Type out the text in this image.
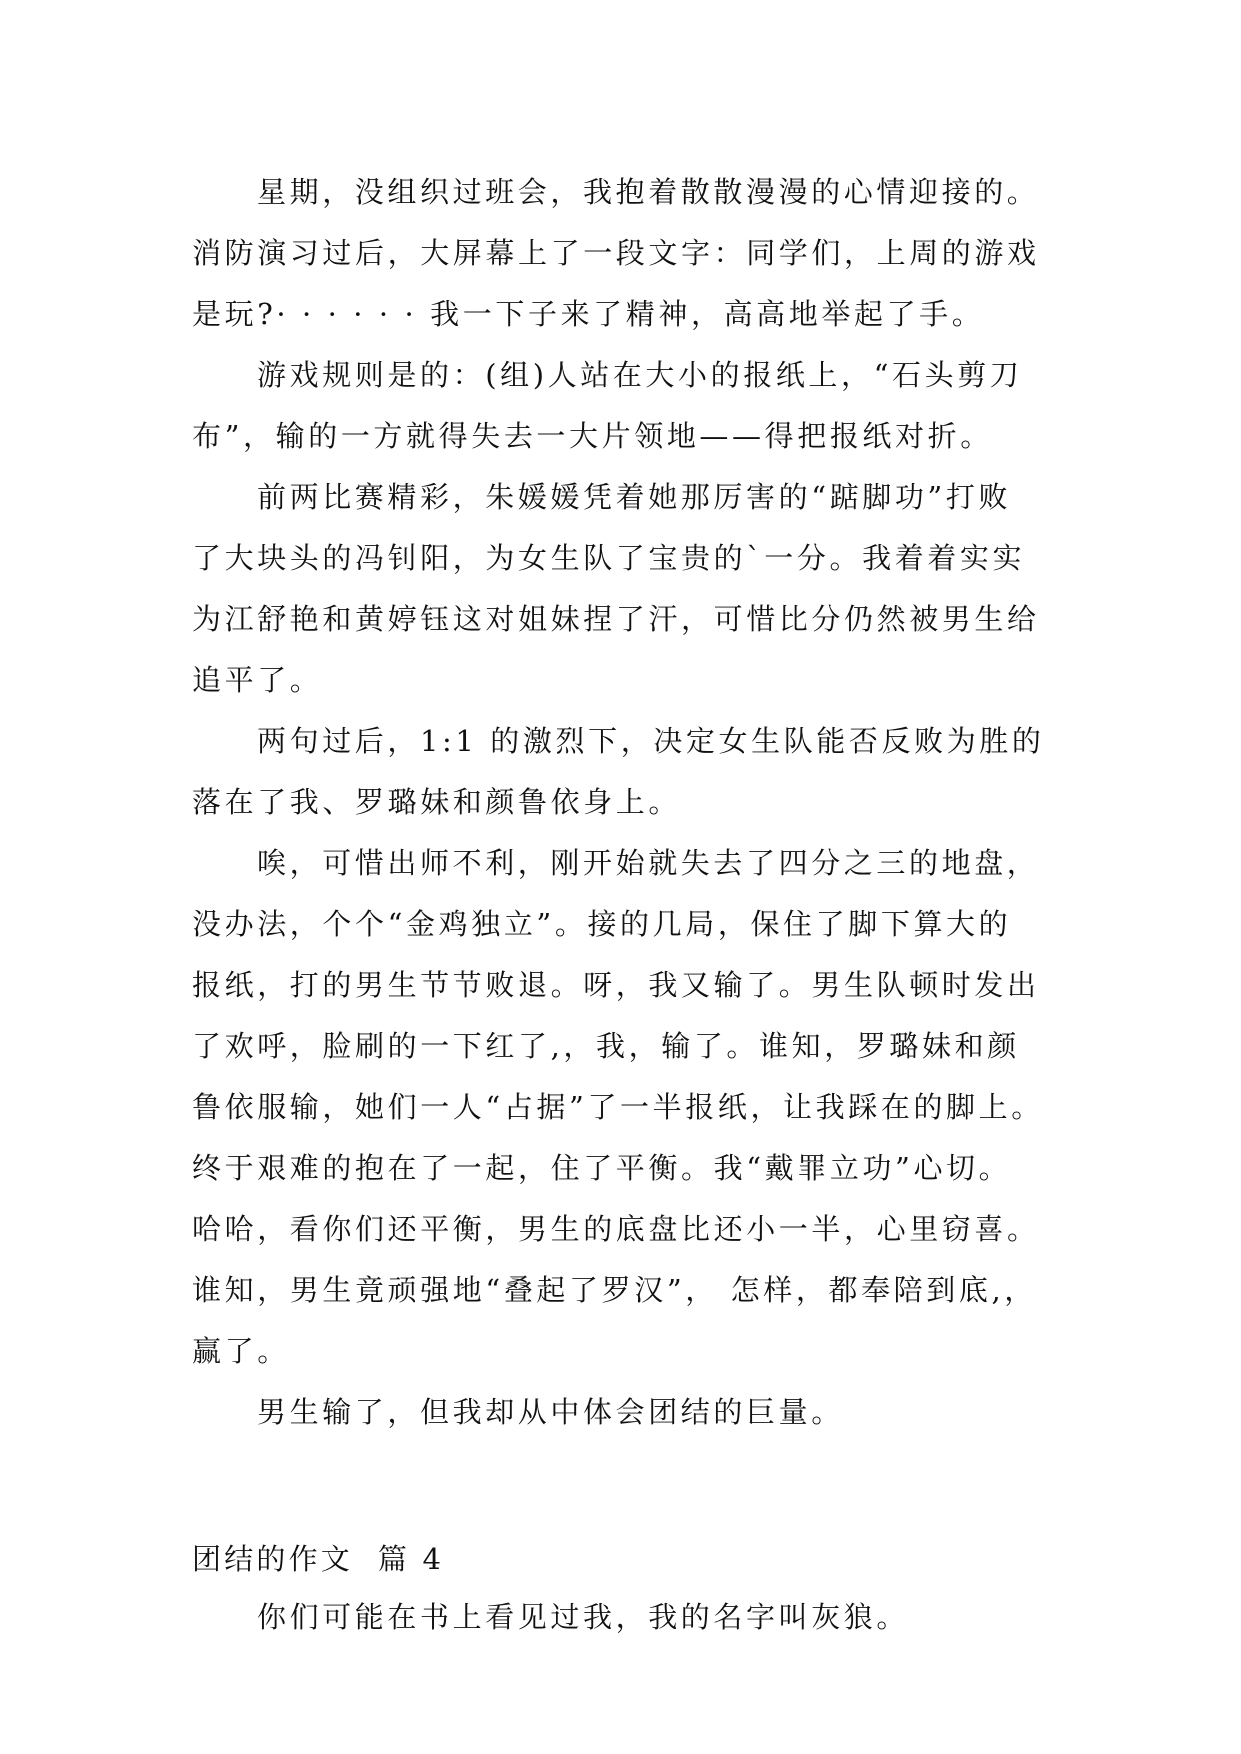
星期，没组织过班会，我抱着散散漫漫的心情迎接的。
消防演习过后，大屏幕上了一段文字：同学们，上周的游戏
是玩?· · · · · · 我一下子来了精神，高高地举起了手。
游戏规则是的：(组)人站在大小的报纸上，“石头剪刀
布”，输的一方就得失去一大片领地——得把报纸对折。
前两比赛精彩，朱媛媛凭着她那厉害的“踮脚功”打败
了大块头的冯钊阳，为女生队了宝贵的`一分。我着着实实
为江舒艳和黄婷钰这对姐妹捏了汗，可惜比分仍然被男生给
追平了。
两句过后，1:1 的激烈下，决定女生队能否反败为胜的
落在了我、罗璐妹和颜鲁依身上。
唉，可惜出师不利，刚开始就失去了四分之三的地盘，
没办法，个个“金鸡独立”。接的几局，保住了脚下算大的
报纸，打的男生节节败退。呀，我又输了。男生队顿时发出
了欢呼，脸刷的一下红了,，我，输了。谁知，罗璐妹和颜
鲁依服输，她们一人“占据”了一半报纸，让我踩在的脚上。
终于艰难的抱在了一起，住了平衡。我“戴罪立功”心切。
哈哈，看你们还平衡，男生的底盘比还小一半，心里窃喜。
谁知，男生竟顽强地“叠起了罗汉”， 怎样，都奉陪到底,，
赢了。
男生输了，但我却从中体会团结的巨量。
团结的作文  篇 4
你们可能在书上看见过我，我的名字叫灰狼。
